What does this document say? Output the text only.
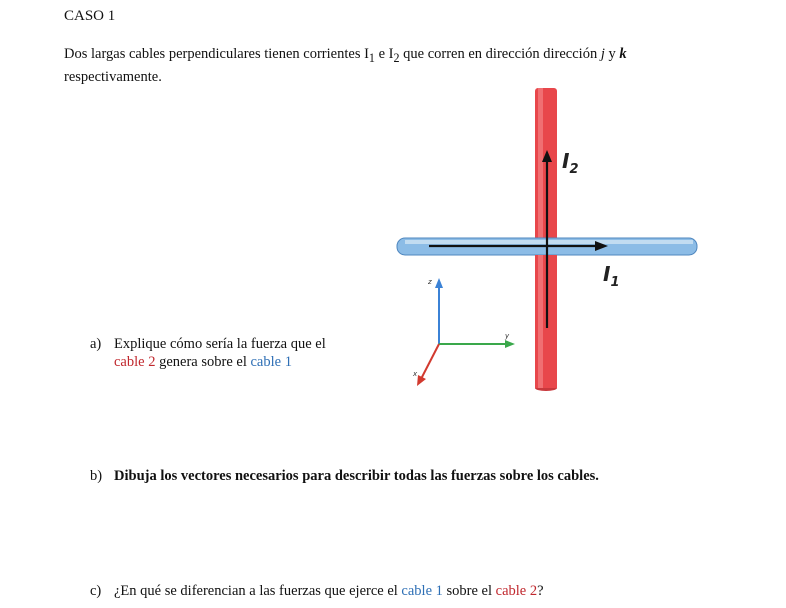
CASO 1
Dos largas cables perpendiculares tienen corrientes $I_1$ e $I_2$ que corren en dirección dirección j y k
respectivamente.
$I_2$
$I_1$
z
y
x
a) Explique cómo sería la fuerza que el
cable 2 genera sobre el cable 1
b) Dibuja los vectores necesarios para describir todas las fuerzas sobre los cables.
c) ¿En qué se diferencian a las fuerzas que ejerce el cable 1 sobre el cable 2?
